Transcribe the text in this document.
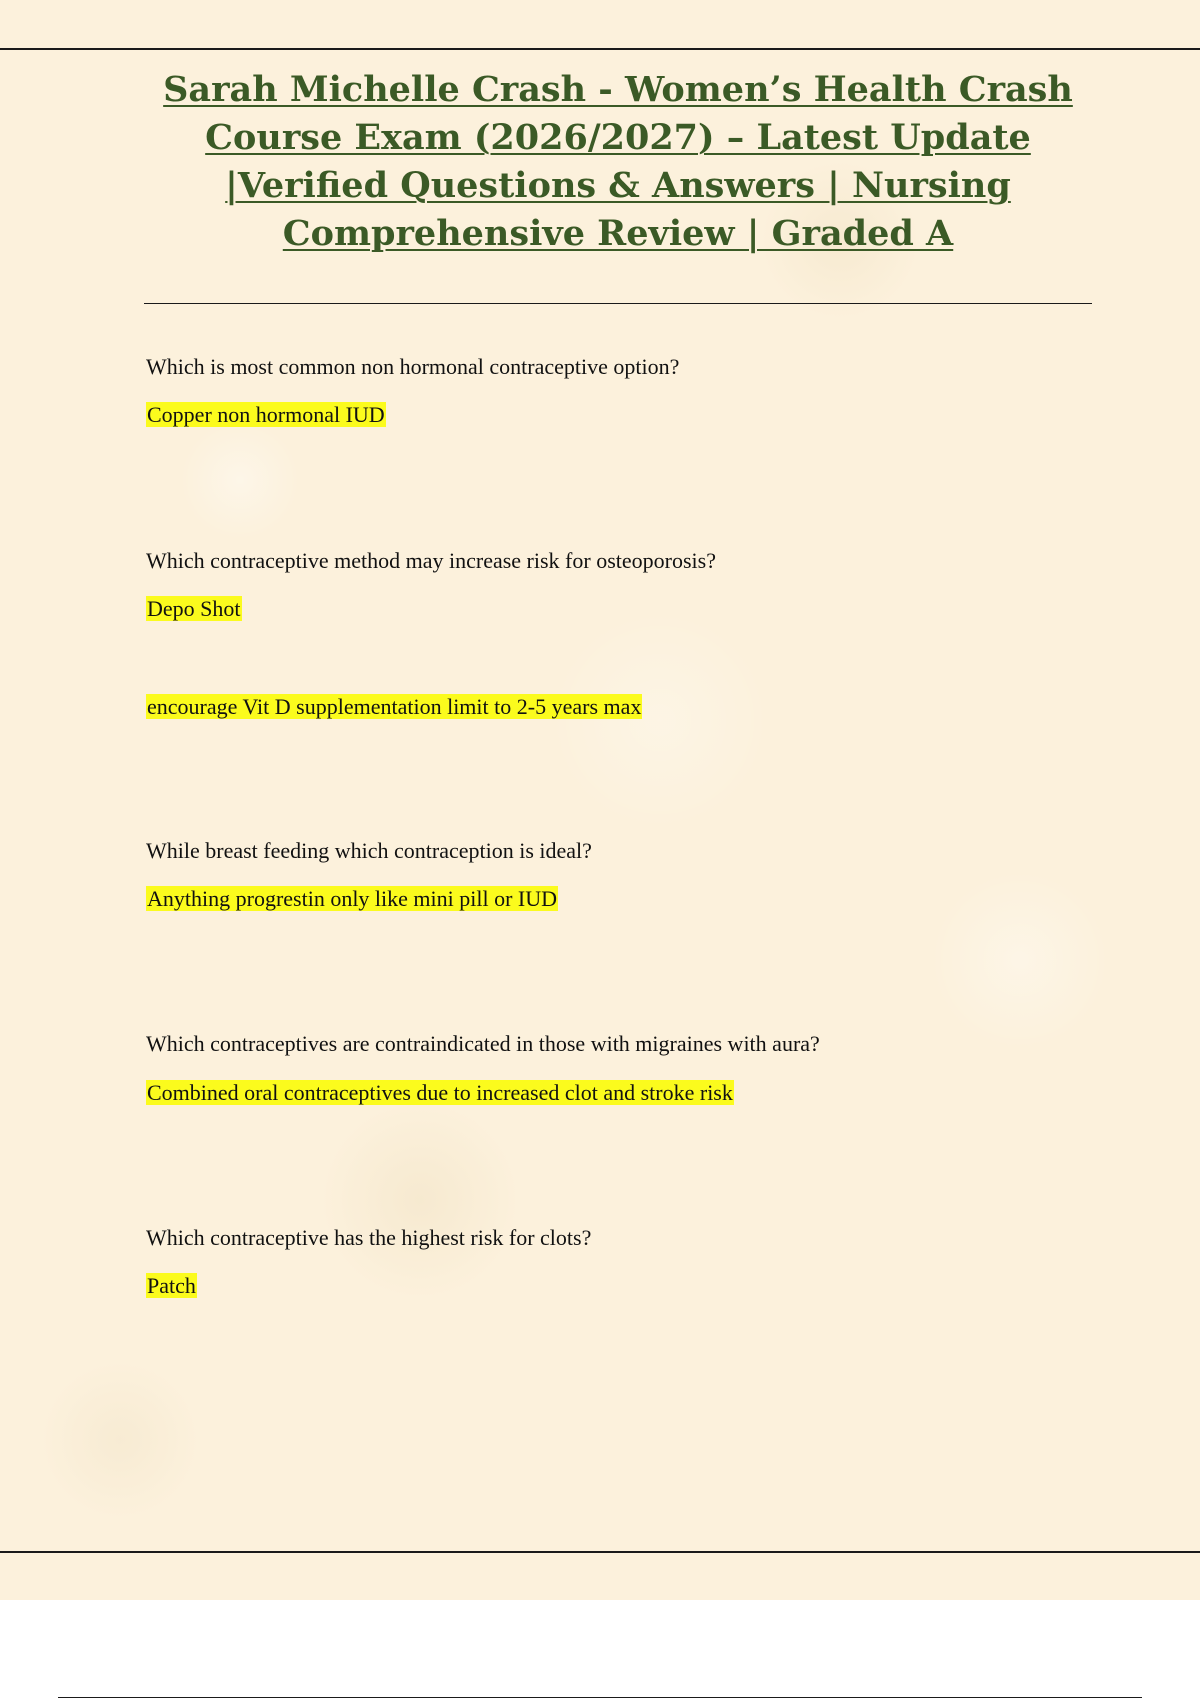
Sarah Michelle Crash - Women’s Health Crash Course Exam (2026/2027) – Latest Update |Verified Questions & Answers | Nursing Comprehensive Review | Graded A

Which is most common non hormonal contraceptive option?

Copper non hormonal IUD

Which contraceptive method may increase risk for osteoporosis?

Depo Shot

encourage Vit D supplementation limit to 2-5 years max

While breast feeding which contraception is ideal?

Anything progrestin only like mini pill or IUD

Which contraceptives are contraindicated in those with migraines with aura?

Combined oral contraceptives due to increased clot and stroke risk

Which contraceptive has the highest risk for clots?

Patch
